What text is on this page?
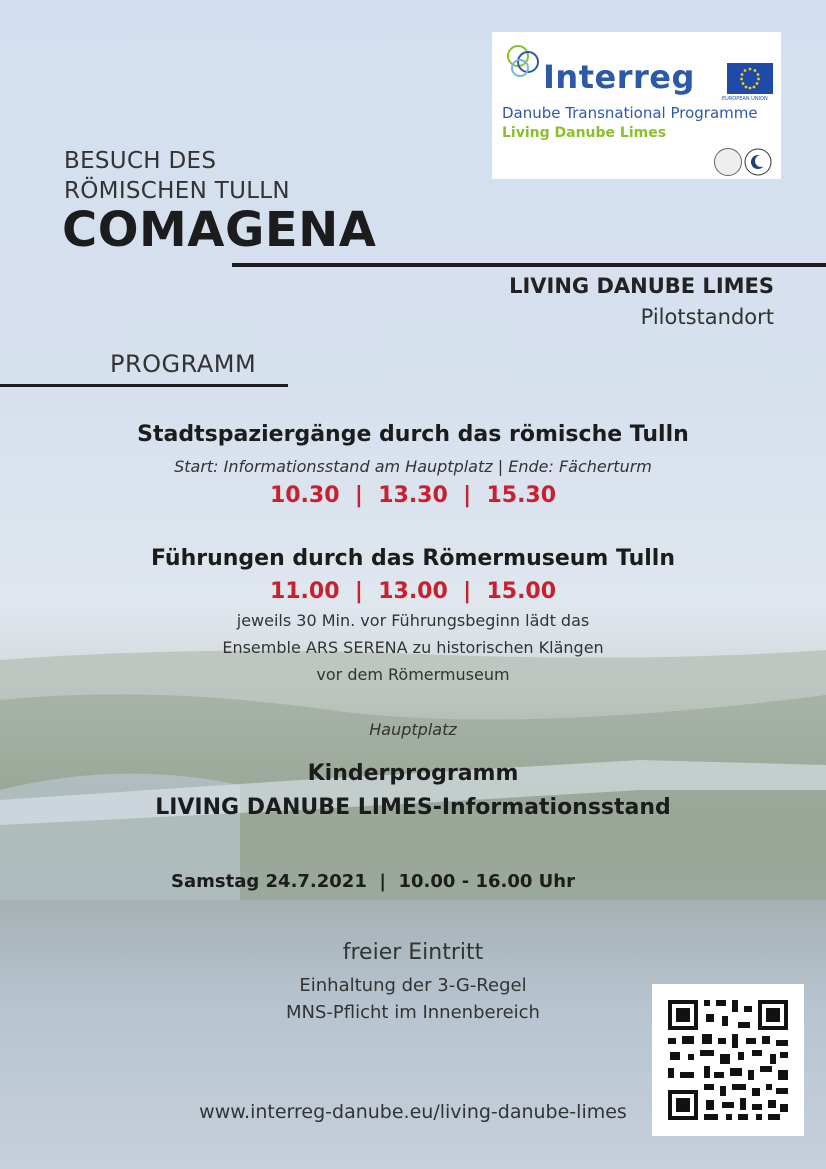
Interreg
EUROPEAN UNION
Danube Transnational Programme
Living Danube Limes
BESUCH DES
RÖMISCHEN TULLN
COMAGENA
LIVING DANUBE LIMES
Pilotstandort
PROGRAMM
Stadtspaziergänge durch das römische Tulln
Start: Informationsstand am Hauptplatz | Ende: Fächerturm
10.30  |  13.30  |  15.30
Führungen durch das Römermuseum Tulln
11.00  |  13.00  |  15.00
jeweils 30 Min. vor Führungsbeginn lädt das
Ensemble ARS SERENA zu historischen Klängen
vor dem Römermuseum
Hauptplatz
Kinderprogramm
LIVING DANUBE LIMES-Informationsstand
Samstag 24.7.2021  |  10.00 - 16.00 Uhr
freier Eintritt
Einhaltung der 3-G-Regel
MNS-Pflicht im Innenbereich
www.interreg-danube.eu/living-danube-limes
